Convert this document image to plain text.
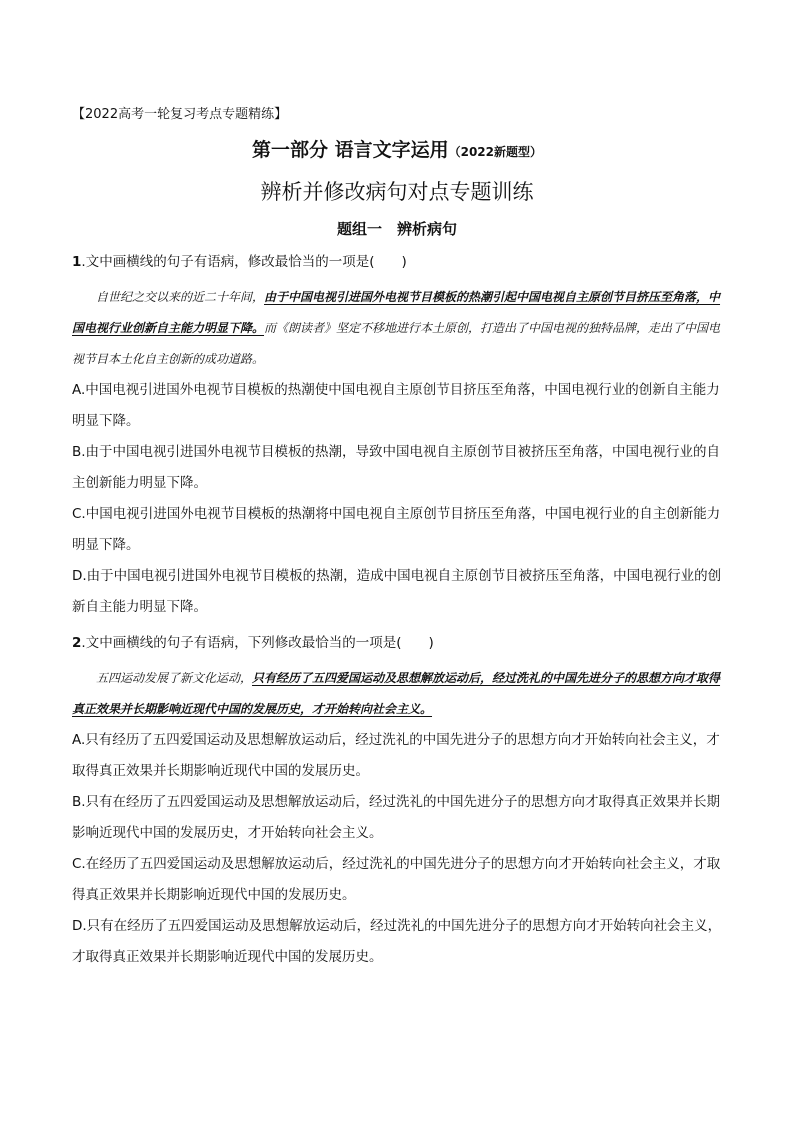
【2022高考一轮复习考点专题精练】
第一部分 语言文字运用（2022新题型）
辨析并修改病句对点专题训练
题组一　辨析病句
1.文中画横线的句子有语病，修改最恰当的一项是(　　)
自世纪之交以来的近二十年间，由于中国电视引进国外电视节目模板的热潮引起中国电视自主原创节目挤压至角落，中国电视行业创新自主能力明显下降。而《朗读者》坚定不移地进行本土原创，打造出了中国电视的独特品牌，走出了中国电视节目本土化自主创新的成功道路。
A.中国电视引进国外电视节目模板的热潮使中国电视自主原创节目挤压至角落，中国电视行业的创新自主能力明显下降。
B.由于中国电视引进国外电视节目模板的热潮，导致中国电视自主原创节目被挤压至角落，中国电视行业的自主创新能力明显下降。
C.中国电视引进国外电视节目模板的热潮将中国电视自主原创节目挤压至角落，中国电视行业的自主创新能力明显下降。
D.由于中国电视引进国外电视节目模板的热潮，造成中国电视自主原创节目被挤压至角落，中国电视行业的创新自主能力明显下降。
2.文中画横线的句子有语病，下列修改最恰当的一项是(　　)
五四运动发展了新文化运动，只有经历了五四爱国运动及思想解放运动后，经过洗礼的中国先进分子的思想方向才取得真正效果并长期影响近现代中国的发展历史，才开始转向社会主义。
A.只有经历了五四爱国运动及思想解放运动后，经过洗礼的中国先进分子的思想方向才开始转向社会主义，才取得真正效果并长期影响近现代中国的发展历史。
B.只有在经历了五四爱国运动及思想解放运动后，经过洗礼的中国先进分子的思想方向才取得真正效果并长期影响近现代中国的发展历史，才开始转向社会主义。
C.在经历了五四爱国运动及思想解放运动后，经过洗礼的中国先进分子的思想方向才开始转向社会主义，才取得真正效果并长期影响近现代中国的发展历史。
D.只有在经历了五四爱国运动及思想解放运动后，经过洗礼的中国先进分子的思想方向才开始转向社会主义，才取得真正效果并长期影响近现代中国的发展历史。
